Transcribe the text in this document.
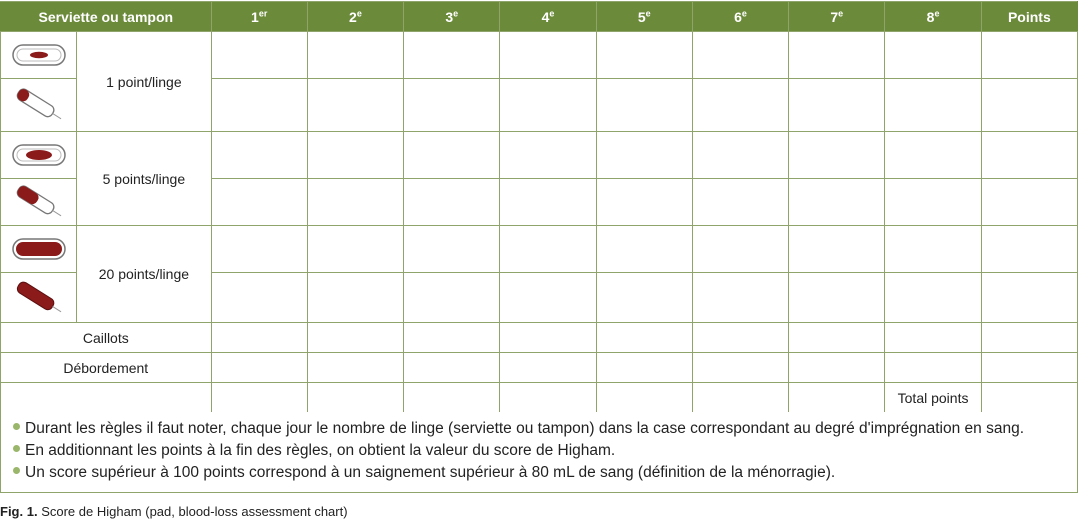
Serviette ou tampon		1er	2e	3e	4e	5e	6e	7e	8e	Points

	1 point/linge									

	5 points/linge									

	20 points/linge									

Caillots										
Débordement										
									Total points	
Durant les règles il faut noter, chaque jour le nombre de linge (serviette ou tampon) dans la case correspondant au degré d'imprégnation en sang.
En additionnant les points à la fin des règles, on obtient la valeur du score de Higham.
Un score supérieur à 100 points correspond à un saignement supérieur à 80 mL de sang (définition de la ménorragie).
Fig. 1. Score de Higham (pad, blood-loss assessment chart)
